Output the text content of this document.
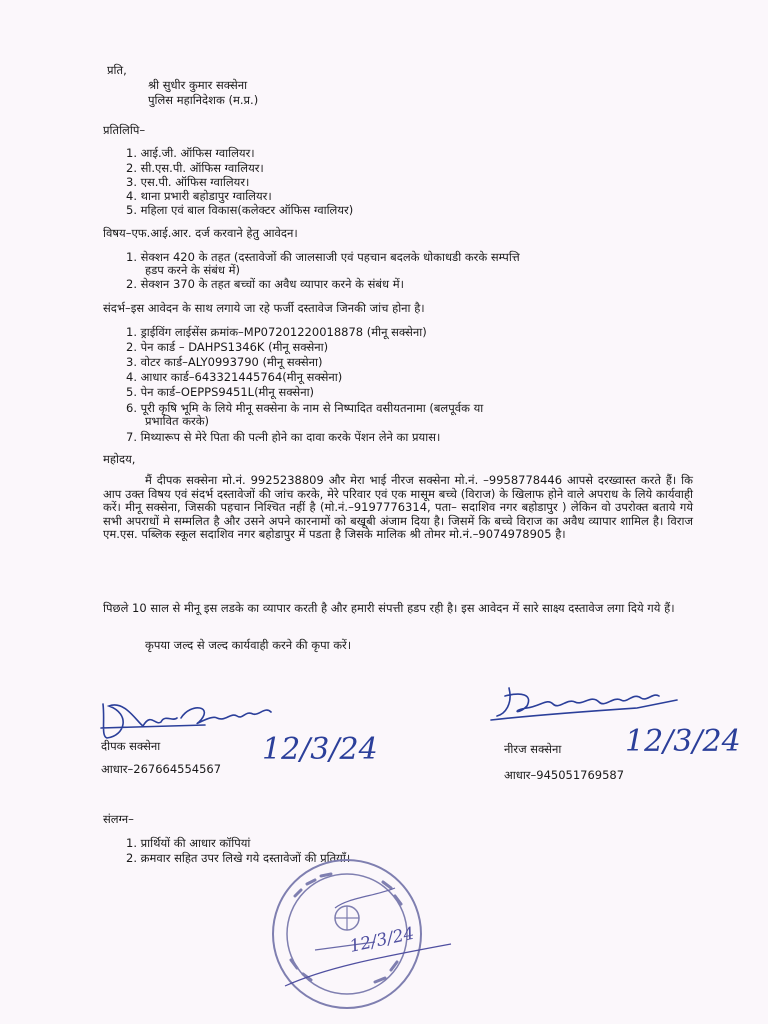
प्रति,
श्री सुधीर कुमार सक्सेना
पुलिस महानिदेशक (म.प्र.)
प्रतिलिपि–
1. आई.जी. ऑफिस ग्वालियर।
2. सी.एस.पी. ऑफिस ग्वालियर।
3. एस.पी. ऑफिस ग्वालियर।
4. थाना प्रभारी बहोडापुर ग्वालियर।
5. महिला एवं बाल विकास(कलेक्टर ऑफिस ग्वालियर)
विषय–एफ.आई.आर. दर्ज करवाने हेतु आवेदन।
1. सेक्शन 420 के तहत (दस्तावेजों की जालसाजी एवं पहचान बदलके धोकाधडी करके सम्पत्ति
हडप करने के संबंध में)
2. सेक्शन 370 के तहत बच्चों का अवैध व्यापार करने के संबंध में।
संदर्भ–इस आवेदन के साथ लगाये जा रहे फर्जी दस्तावेज जिनकी जांच होना है।
1. ड्राईविंग लाईसेंस क्रमांक–MP07201220018878 (मीनू सक्सेना)
2. पेन कार्ड – DAHPS1346K (मीनू सक्सेना)
3. वोटर कार्ड–ALY0993790 (मीनू सक्सेना)
4. आधार कार्ड–643321445764(मीनू सक्सेना)
5. पेन कार्ड–OEPPS9451L(मीनू सक्सेना)
6. पूरी कृषि भूमि के लिये मीनू सक्सेना के नाम से निष्पादित वसीयतनामा (बलपूर्वक या
प्रभावित करके)
7. मिथ्यारूप से मेरे पिता की पत्नी होने का दावा करके पेंशन लेने का प्रयास।
महोदय,
मैं दीपक सक्सेना मो.नं. 9925238809 और मेरा भाई नीरज सक्सेना मो.नं. –9958778446 आपसे दरख्वास्त करते हैं। कि आप उक्त विषय एवं संदर्भ दस्तावेजों की जांच करके, मेरे परिवार एवं एक मासूम बच्चे (विराज) के खिलाफ होने वाले अपराध के लिये कार्यवाही करें। मीनू सक्सेना, जिसकी पहचान निश्चित नहीं है (मो.नं.–9197776314, पता– सदाशिव नगर बहोडापुर ) लेकिन वो उपरोक्त बताये गये सभी अपराधों मे सम्मलित है और उसने अपने कारनामों को बखूबी अंजाम दिया है। जिसमें कि बच्चे विराज का अवैध व्यापार शामिल है। विराज एम.एस. पब्लिक स्कूल सदाशिव नगर बहोडापुर में पडता है जिसके मालिक श्री तोमर मो.नं.–9074978905 है।
पिछले 10 साल से मीनू इस लडके का व्यापार करती है और हमारी संपत्ती हडप रही है। इस आवेदन में सारे साक्ष्य दस्तावेज लगा दिये गये हैं।
कृपया जल्द से जल्द कार्यवाही करने की कृपा करें।
दीपक सक्सेना	12/3/24
आधार–267664554567
नीरज सक्सेना 12/3/24
आधार–945051769587
संलग्न–
1. प्रार्थियों की आधार कॉपियां
2. क्रमवार सहित उपर लिखे गये दस्तावेजों की प्रतियाँ।
12/3/24
